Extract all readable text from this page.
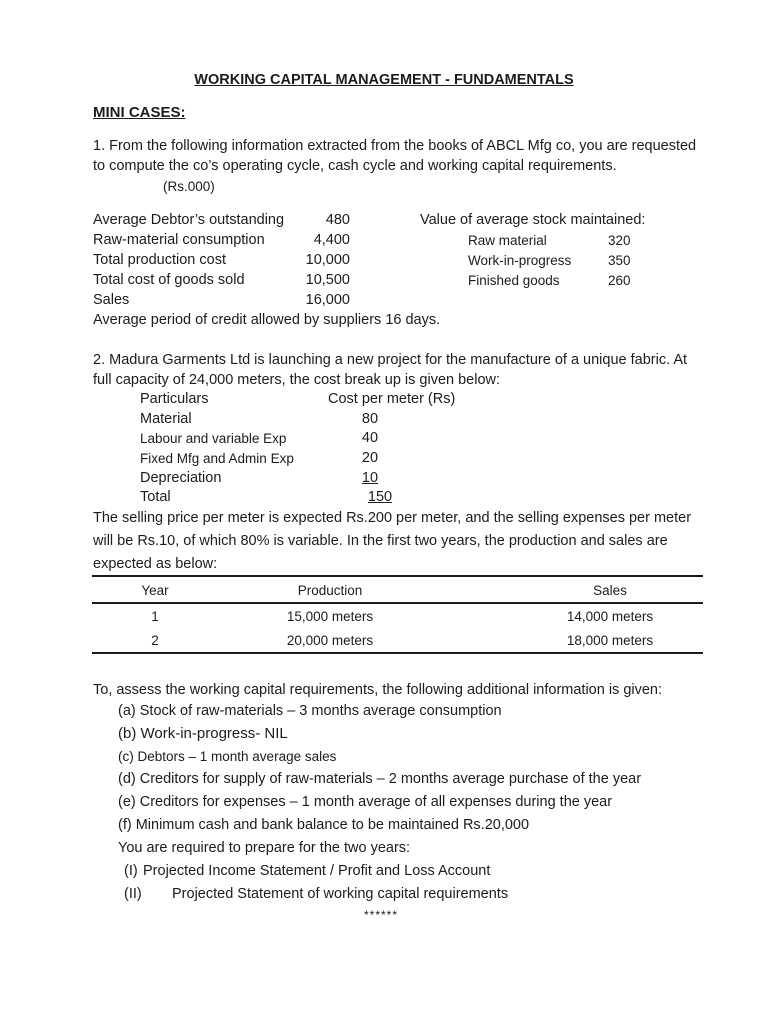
WORKING CAPITAL MANAGEMENT - FUNDAMENTALS
MINI CASES:
1. From the following information extracted from the books of ABCL Mfg co, you are requested
to compute the co’s operating cycle, cash cycle and working capital requirements.
(Rs.000)
Average Debtor’s outstanding	480
Raw-material consumption	4,400
Total production cost	10,000
Total cost of goods sold	10,500
Sales	16,000
Value of average stock maintained:
Raw material	320
Work-in-progress	350
Finished goods	260
Average period of credit allowed by suppliers 16 days.
2. Madura Garments Ltd is launching a new project for the manufacture of a unique fabric. At
full capacity of 24,000 meters, the cost break up is given below:
Particulars	Cost per meter (Rs)
Material	80
Labour and variable Exp	40
Fixed Mfg and Admin Exp	20
Depreciation	10
Total	150
The selling price per meter is expected Rs.200 per meter, and the selling expenses per meter
will be Rs.10, of which 80% is variable. In the first two years, the production and sales are
expected as below:
Year	Production	Sales
1	15,000 meters	14,000 meters
2	20,000 meters	18,000 meters
To, assess the working capital requirements, the following additional information is given:
(a) Stock of raw-materials – 3 months average consumption
(b) Work-in-progress- NIL
(c) Debtors – 1 month average sales
(d) Creditors for supply of raw-materials – 2 months average purchase of the year
(e) Creditors for expenses – 1 month average of all expenses during the year
(f) Minimum cash and bank balance to be maintained Rs.20,000
You are required to prepare for the two years:
(I) Projected Income Statement / Profit and Loss Account
(II) Projected Statement of working capital requirements
******
